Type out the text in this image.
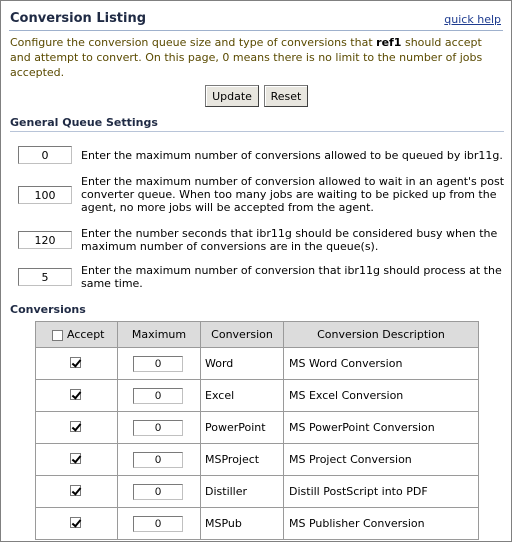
Conversion Listing	quick help
Configure the conversion queue size and type of conversions that ref1 should accept and attempt to convert. On this page, 0 means there is no limit to the number of jobs accepted.
Update	Reset
General Queue Settings
0
Enter the maximum number of conversions allowed to be queued by ibr11g.
100
Enter the maximum number of conversion allowed to wait in an agent's post converter queue. When too many jobs are waiting to be picked up from the agent, no more jobs will be accepted from the agent.
120
Enter the number seconds that ibr11g should be considered busy when the maximum number of conversions are in the queue(s).
5
Enter the maximum number of conversion that ibr11g should process at the same time.
Conversions
Accept	Maximum	Conversion	Conversion Description

0	Word	MS Word Conversion

0	Excel	MS Excel Conversion

0	PowerPoint	MS PowerPoint Conversion

0	MSProject	MS Project Conversion

0	Distiller	Distill PostScript into PDF

0	MSPub	MS Publisher Conversion
